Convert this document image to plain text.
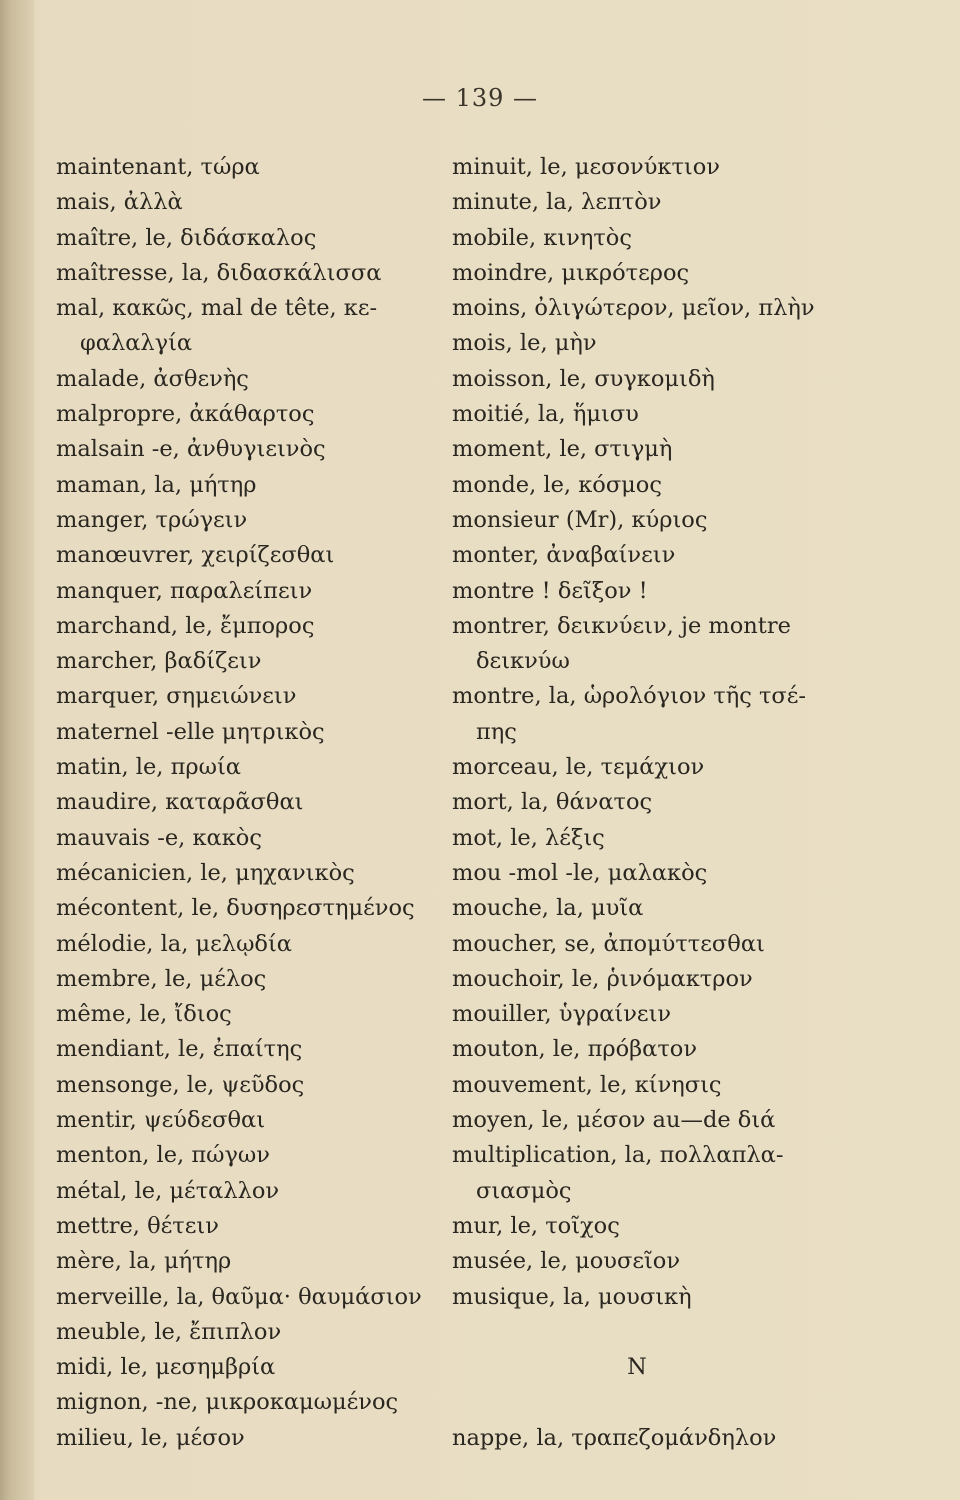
— 139 —
maintenant, τώρα
mais, ἀλλὰ
maître, le, διδάσκαλος
maîtresse, la, διδασκάλισσα
mal, κακῶς, mal de tête, κε-
φαλαλγία
malade, ἀσθενὴς
malpropre, ἀκάθαρτος
malsain -e, ἀνθυγιεινὸς
maman, la, μήτηρ
manger, τρώγειν
manœuvrer, χειρίζεσθαι
manquer, παραλείπειν
marchand, le, ἔμπορος
marcher, βαδίζειν
marquer, σημειώνειν
maternel -elle μητρικὸς
matin, le, πρωία
maudire, καταρᾶσθαι
mauvais -e, κακὸς
mécanicien, le, μηχανικὸς
mécontent, le, δυσηρεστημένος
mélodie, la, μελῳδία
membre, le, μέλος
même, le, ἴδιος
mendiant, le, ἐπαίτης
mensonge, le, ψεῦδος
mentir, ψεύδεσθαι
menton, le, πώγων
métal, le, μέταλλον
mettre, θέτειν
mère, la, μήτηρ
merveille, la, θαῦμα· θαυμάσιον
meuble, le, ἔπιπλον
midi, le, μεσημβρία
mignon, -ne, μικροκαμωμένος
milieu, le, μέσον
minuit, le, μεσονύκτιον
minute, la, λεπτὸν
mobile, κινητὸς
moindre, μικρότερος
moins, ὀλιγώτερον, μεῖον, πλὴν
mois, le, μὴν
moisson, le, συγκομιδὴ
moitié, la, ἥμισυ
moment, le, στιγμὴ
monde, le, κόσμος
monsieur (Mr), κύριος
monter, ἀναβαίνειν
montre ! δεῖξον !
montrer, δεικνύειν, je montre
δεικνύω
montre, la, ὡρολόγιον τῆς τσέ-
πης
morceau, le, τεμάχιον
mort, la, θάνατος
mot, le, λέξις
mou -mol -le, μαλακὸς
mouche, la, μυῖα
moucher, se, ἀπομύττεσθαι
mouchoir, le, ῥινόμακτρον
mouiller, ὑγραίνειν
mouton, le, πρόβατον
mouvement, le, κίνησις
moyen, le, μέσον au—de διά
multiplication, la, πολλαπλα-
σιασμὸς
mur, le, τοῖχος
musée, le, μουσεῖον
musique, la, μουσικὴ
N
nappe, la, τραπεζομάνδηλον
